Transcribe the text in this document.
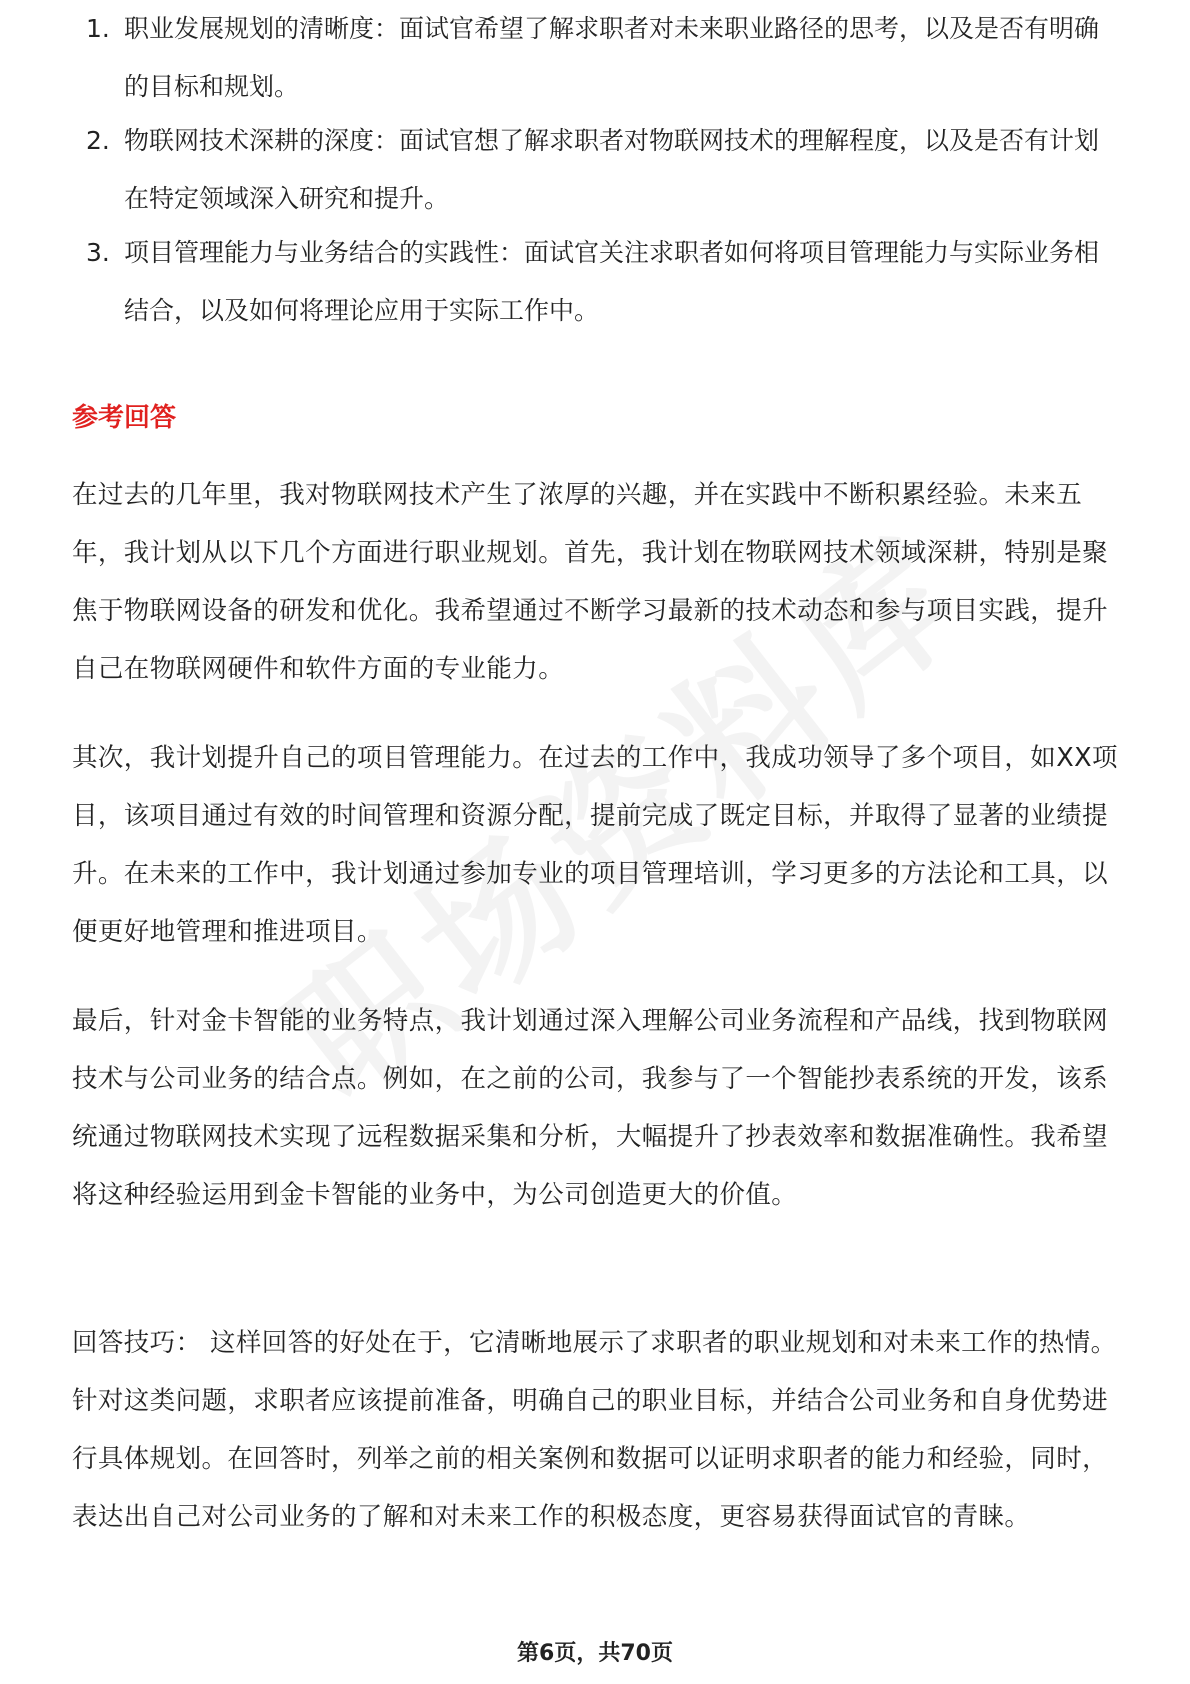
1. 职业发展规划的清晰度：面试官希望了解求职者对未来职业路径的思考，以及是否有明确的目标和规划。
2. 物联网技术深耕的深度：面试官想了解求职者对物联网技术的理解程度，以及是否有计划在特定领域深入研究和提升。
3. 项目管理能力与业务结合的实践性：面试官关注求职者如何将项目管理能力与实际业务相结合，以及如何将理论应用于实际工作中。
参考回答

在过去的几年里，我对物联网技术产生了浓厚的兴趣，并在实践中不断积累经验。未来五年，我计划从以下几个方面进行职业规划。首先，我计划在物联网技术领域深耕，特别是聚焦于物联网设备的研发和优化。我希望通过不断学习最新的技术动态和参与项目实践，提升自己在物联网硬件和软件方面的专业能力。

其次，我计划提升自己的项目管理能力。在过去的工作中，我成功领导了多个项目，如XX项目，该项目通过有效的时间管理和资源分配，提前完成了既定目标，并取得了显著的业绩提升。在未来的工作中，我计划通过参加专业的项目管理培训，学习更多的方法论和工具，以便更好地管理和推进项目。

最后，针对金卡智能的业务特点，我计划通过深入理解公司业务流程和产品线，找到物联网技术与公司业务的结合点。例如，在之前的公司，我参与了一个智能抄表系统的开发，该系统通过物联网技术实现了远程数据采集和分析，大幅提升了抄表效率和数据准确性。我希望将这种经验运用到金卡智能的业务中，为公司创造更大的价值。

回答技巧： 这样回答的好处在于，它清晰地展示了求职者的职业规划和对未来工作的热情。针对这类问题，求职者应该提前准备，明确自己的职业目标，并结合公司业务和自身优势进行具体规划。在回答时，列举之前的相关案例和数据可以证明求职者的能力和经验，同时，表达出自己对公司业务的了解和对未来工作的积极态度，更容易获得面试官的青睐。

第6页，共70页
